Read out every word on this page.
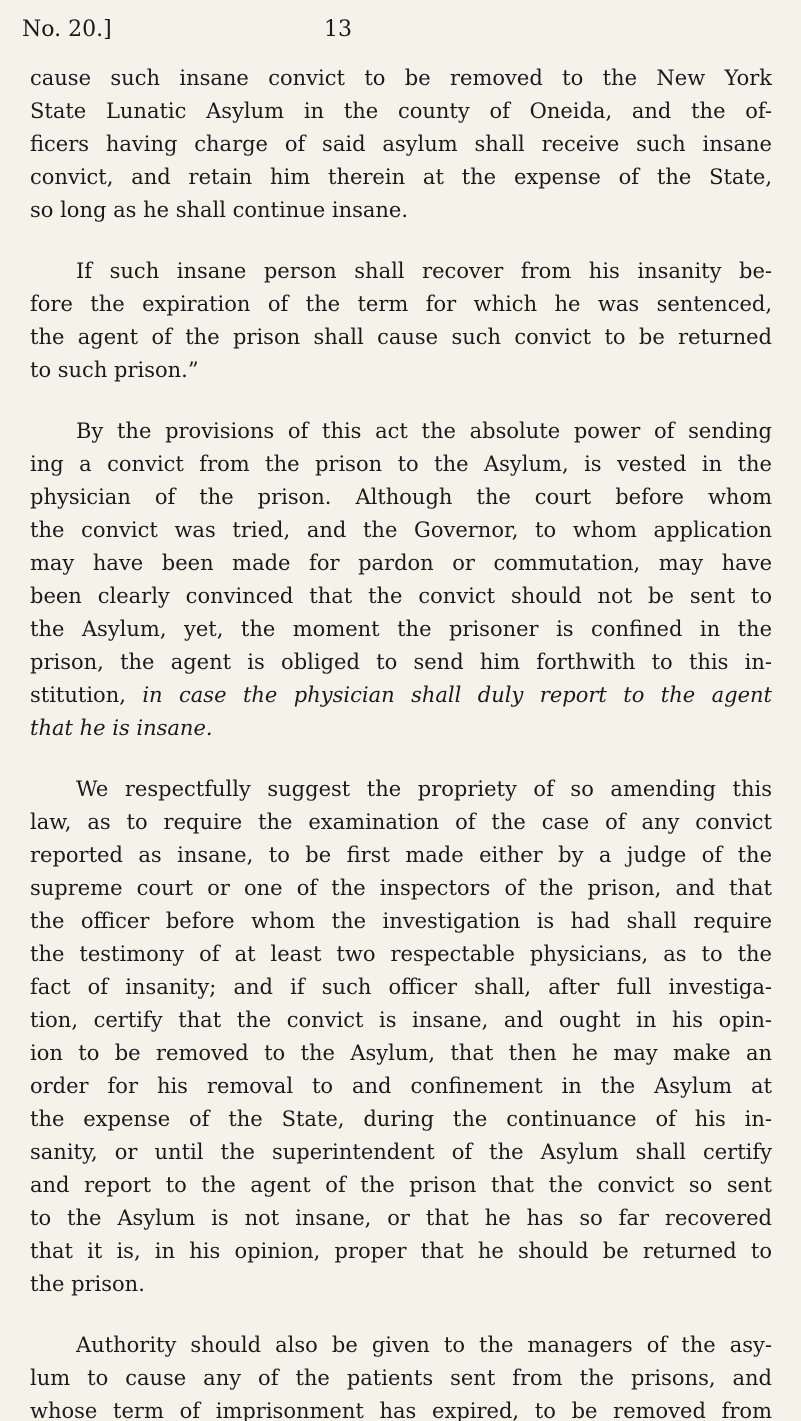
No. 20.]	13

cause such insane convict to be removed to the New York
State Lunatic Asylum in the county of Oneida, and the of-
ficers having charge of said asylum shall receive such insane
convict, and retain him therein at the expense of the State,
so long as he shall continue insane.

If such insane person shall recover from his insanity be-
fore the expiration of the term for which he was sentenced,
the agent of the prison shall cause such convict to be returned
to such prison.”

By the provisions of this act the absolute power of sending
ing a convict from the prison to the Asylum, is vested in the
physician of the prison. Although the court before whom
the convict was tried, and the Governor, to whom application
may have been made for pardon or commutation, may have
been clearly convinced that the convict should not be sent to
the Asylum, yet, the moment the prisoner is confined in the
prison, the agent is obliged to send him forthwith to this in-
stitution, in case the physician shall duly report to the agent
that he is insane.

We respectfully suggest the propriety of so amending this
law, as to require the examination of the case of any convict
reported as insane, to be first made either by a judge of the
supreme court or one of the inspectors of the prison, and that
the officer before whom the investigation is had shall require
the testimony of at least two respectable physicians, as to the
fact of insanity; and if such officer shall, after full investiga-
tion, certify that the convict is insane, and ought in his opin-
ion to be removed to the Asylum, that then he may make an
order for his removal to and confinement in the Asylum at
the expense of the State, during the continuance of his in-
sanity, or until the superintendent of the Asylum shall certify
and report to the agent of the prison that the convict so sent
to the Asylum is not insane, or that he has so far recovered
that it is, in his opinion, proper that he should be returned to
the prison.

Authority should also be given to the managers of the asy-
lum to cause any of the patients sent from the prisons, and
whose term of imprisonment has expired, to be removed from
